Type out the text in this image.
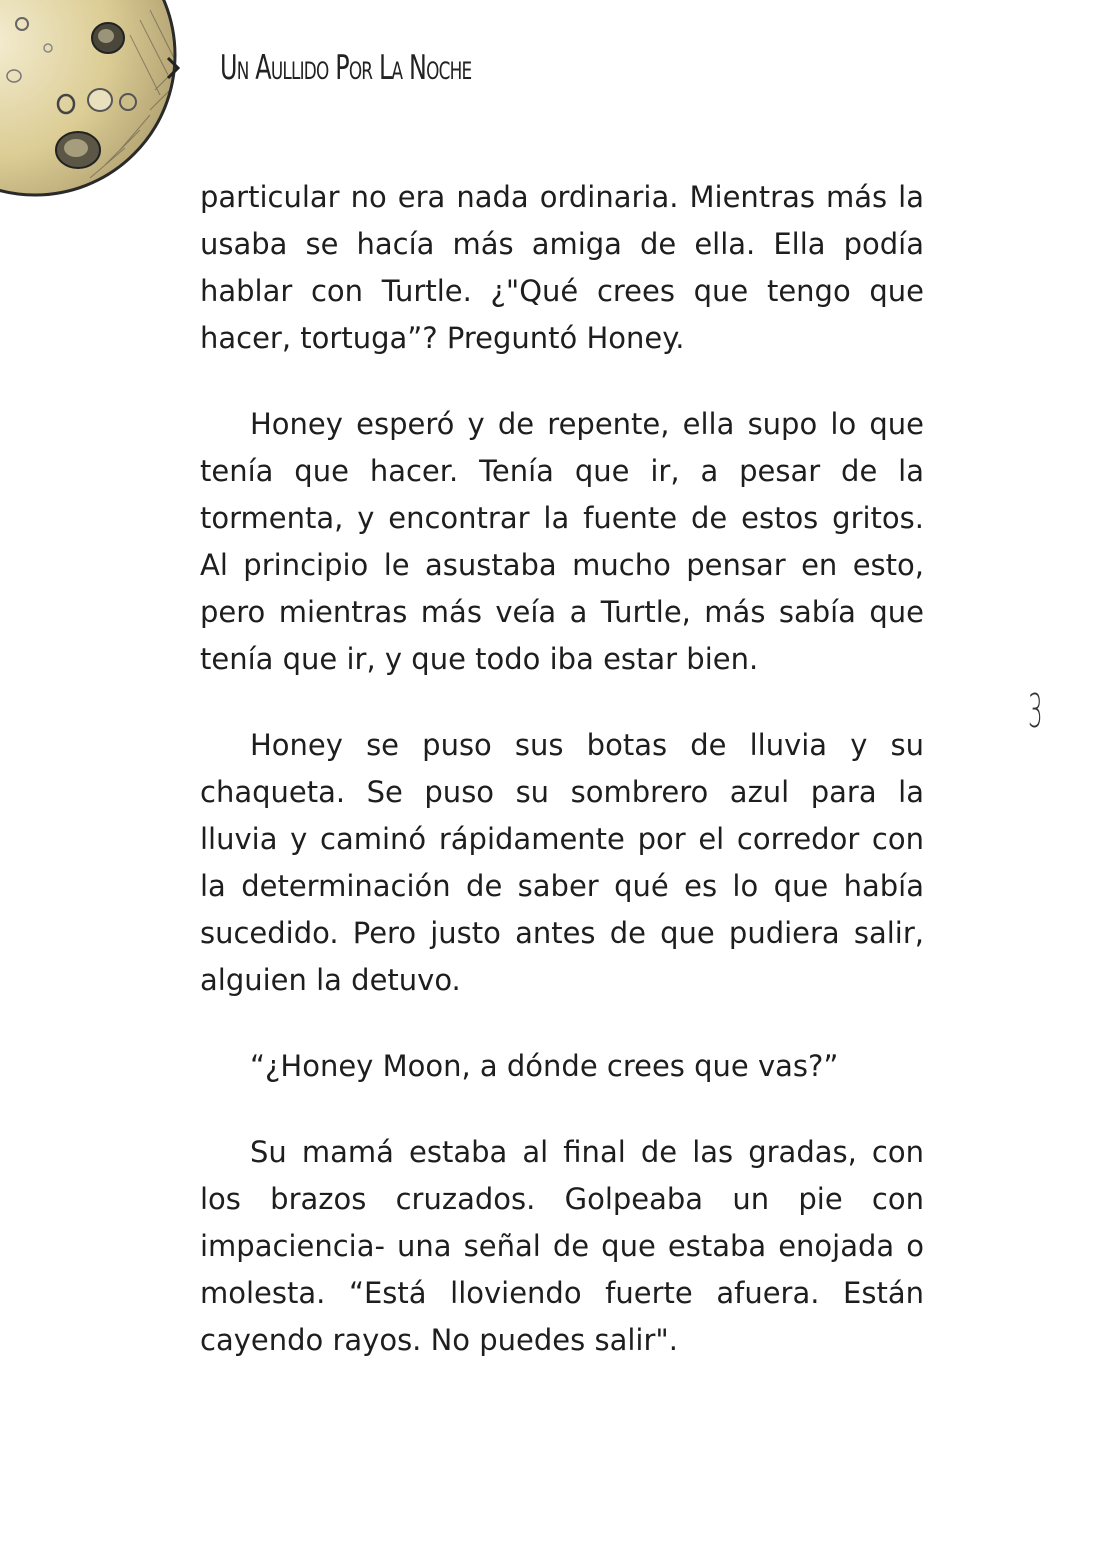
Un Aullido Por La Noche
3

particular no era nada ordinaria. Mientras más la usaba se hacía más amiga de ella. Ella podía hablar con Turtle. ¿"Qué crees que tengo que hacer, tortuga”? Preguntó Honey.

Honey esperó y de repente, ella supo lo que tenía que hacer. Tenía que ir, a pesar de la tormenta, y encontrar la fuente de estos gritos. Al principio le asustaba mucho pensar en esto, pero mientras más veía a Turtle, más sabía que tenía que ir, y que todo iba estar bien.

Honey se puso sus botas de lluvia y su chaqueta. Se puso su sombrero azul para la lluvia y caminó rápidamente por el corredor con la determinación de saber qué es lo que había sucedido. Pero justo antes de que pudiera salir, alguien la detuvo.

“¿Honey Moon, a dónde crees que vas?”

Su mamá estaba al final de las gradas, con los brazos cruzados. Golpeaba un pie con impaciencia- una señal de que estaba enojada o molesta. “Está lloviendo fuerte afuera. Están cayendo rayos. No puedes salir".
